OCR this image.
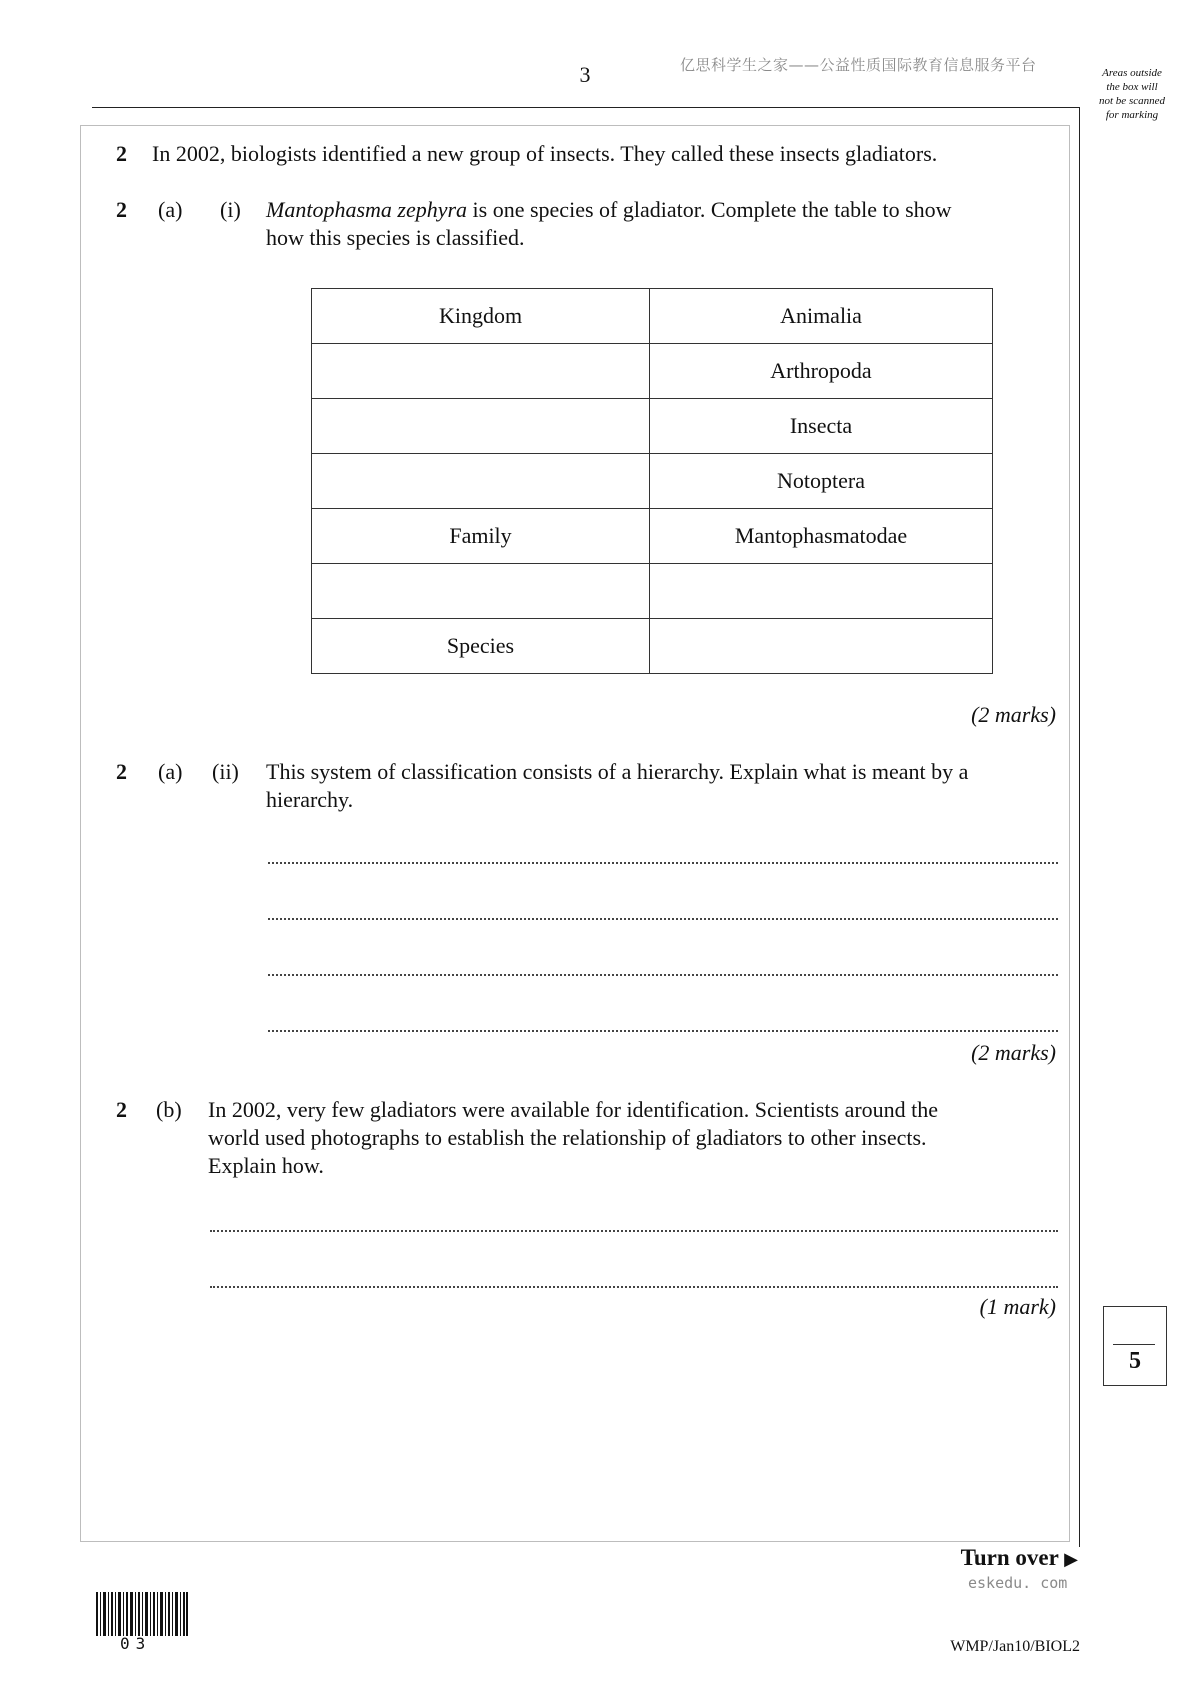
3	亿思科学生之家——公益性质国际教育信息服务平台	Areas outside
the box will
not be scanned
for marking
2 In 2002, biologists identified a new group of insects. They called these insects gladiators.
2 (a) (i) Mantophasma zephyra is one species of gladiator. Complete the table to show
how this species is classified.
Kingdom	Animalia
	Arthropoda
	Insecta
	Notoptera
Family	Mantophasmatodae

Species	
(2 marks)
2 (a) (ii) This system of classification consists of a hierarchy. Explain what is meant by a
hierarchy.
(2 marks)
2 (b) In 2002, very few gladiators were available for identification. Scientists around the
world used photographs to establish the relationship of gladiators to other insects.
Explain how.
(1 mark)
5
Turn over ▶
eskedu. com
03	WMP/Jan10/BIOL2
